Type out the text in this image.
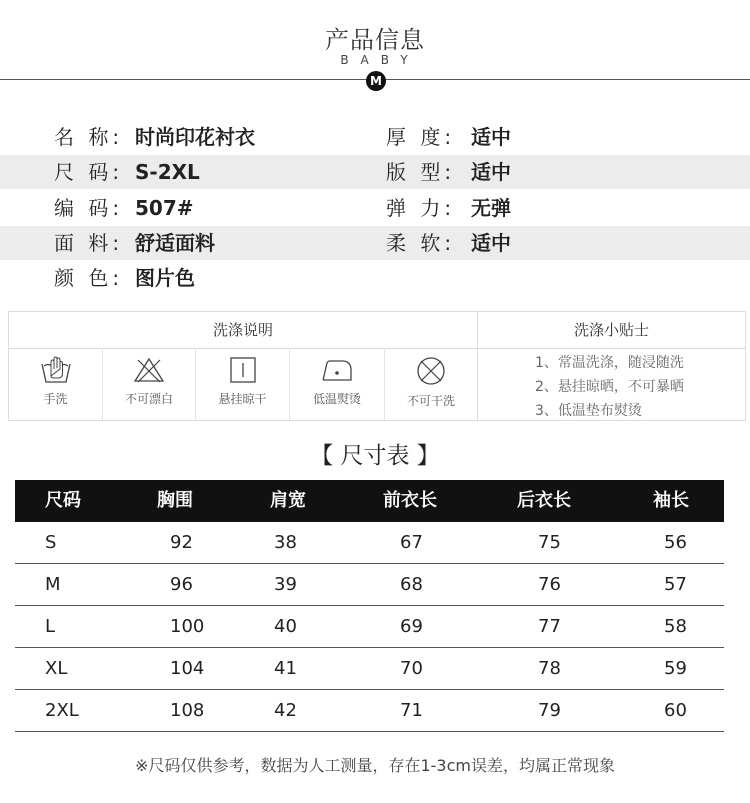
产品信息
BABY
M
名 称: 时尚印花衬衣	厚 度: 适中
尺 码: S-2XL	版 型: 适中
编 码: 507#	弹 力: 无弹
面 料: 舒适面料	柔 软: 适中
颜 色: 图片色
洗涤说明	洗涤小贴士
手洗	不可漂白	悬挂晾干	低温熨烫	不可干洗
1、常温洗涤，随浸随洗
2、悬挂晾晒，不可暴晒
3、低温垫布熨烫
【 尺寸表 】
尺码	胸围	肩宽	前衣长	后衣长	袖长
S	92	38	67	75	56
M	96	39	68	76	57
L	100	40	69	77	58
XL	104	41	70	78	59
2XL	108	42	71	79	60
※尺码仅供参考，数据为人工测量，存在1-3cm误差，均属正常现象
